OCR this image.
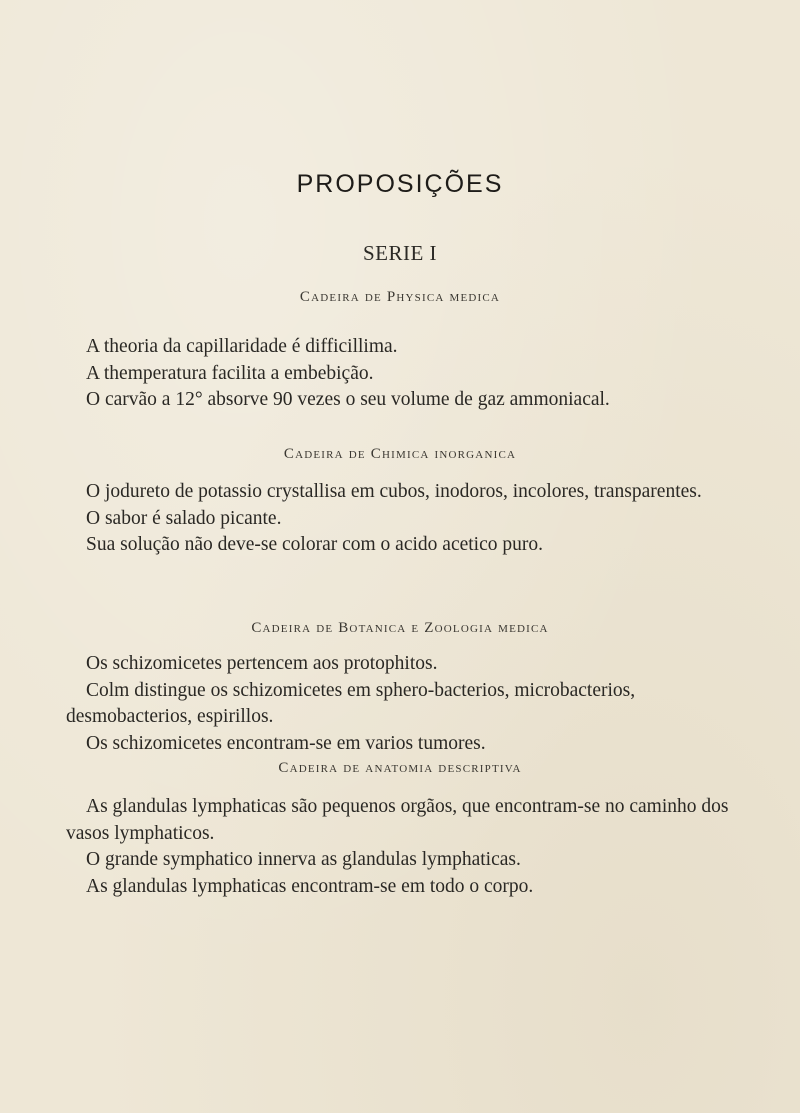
PROPOSIÇÕES
SERIE I
Cadeira de Physica medica

A theoria da capillaridade é difficillima.

A themperatura facilita a embebição.

O carvão a 12° absorve 90 vezes o seu volume de gaz ammoniacal.

Cadeira de Chimica inorganica

O jodureto de potassio crystallisa em cubos, inodoros, incolores, transparentes.

O sabor é salado picante.

Sua solução não deve-se colorar com o acido acetico puro.

Cadeira de Botanica e Zoologia medica

Os schizomicetes pertencem aos protophitos.

Colm distingue os schizomicetes em sphero-bacterios, microbacterios, desmobacterios, espirillos.

Os schizomicetes encontram-se em varios tumores.

Cadeira de anatomia descriptiva

As glandulas lymphaticas são pequenos orgãos, que encontram-se no caminho dos vasos lymphaticos.

O grande symphatico innerva as glandulas lymphaticas.

As glandulas lymphaticas encontram-se em todo o corpo.
